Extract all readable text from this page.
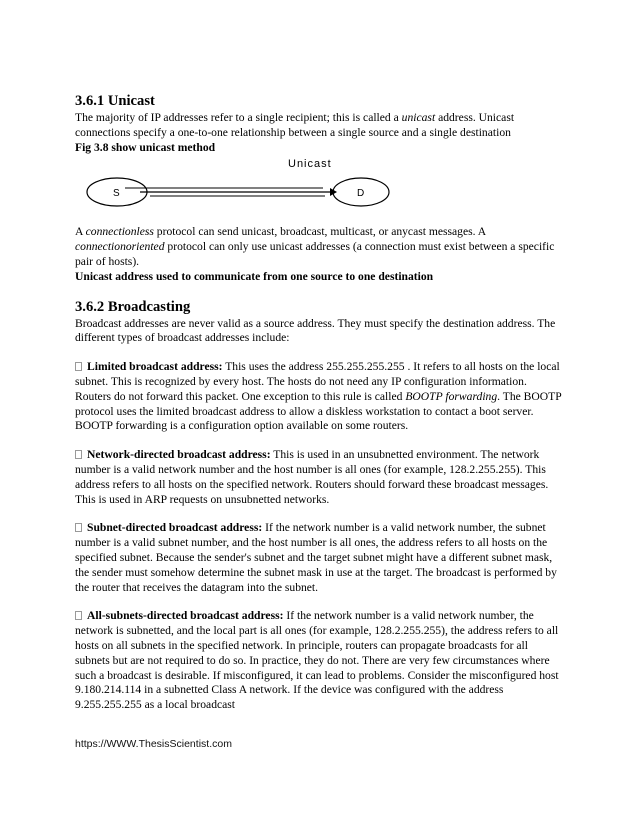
3.6.1 Unicast

The majority of IP addresses refer to a single recipient; this is called a unicast address. Unicast connections specify a one-to-one relationship between a single source and a single destination

Fig 3.8 show unicast method

Unicast
S	D

A connectionless protocol can send unicast, broadcast, multicast, or anycast messages. A connectionoriented protocol can only use unicast addresses (a connection must exist between a specific pair of hosts).

Unicast address used to communicate from one source to one destination

3.6.2 Broadcasting

Broadcast addresses are never valid as a source address. They must specify the destination address. The different types of broadcast addresses include:

Limited broadcast address: This uses the address 255.255.255.255 . It refers to all hosts on the local subnet. This is recognized by every host. The hosts do not need any IP configuration information. Routers do not forward this packet. One exception to this rule is called BOOTP forwarding. The BOOTP protocol uses the limited broadcast address to allow a diskless workstation to contact a boot server. BOOTP forwarding is a configuration option available on some routers.

Network-directed broadcast address: This is used in an unsubnetted environment. The network number is a valid network number and the host number is all ones (for example, 128.2.255.255). This address refers to all hosts on the specified network. Routers should forward these broadcast messages. This is used in ARP requests on unsubnetted networks.

Subnet-directed broadcast address: If the network number is a valid network number, the subnet number is a valid subnet number, and the host number is all ones, the address refers to all hosts on the specified subnet. Because the sender's subnet and the target subnet might have a different subnet mask, the sender must somehow determine the subnet mask in use at the target. The broadcast is performed by the router that receives the datagram into the subnet.

All-subnets-directed broadcast address: If the network number is a valid network number, the network is subnetted, and the local part is all ones (for example, 128.2.255.255), the address refers to all hosts on all subnets in the specified network. In principle, routers can propagate broadcasts for all subnets but are not required to do so. In practice, they do not. There are very few circumstances where such a broadcast is desirable. If misconfigured, it can lead to problems. Consider the misconfigured host 9.180.214.114 in a subnetted Class A network. If the device was configured with the address 9.255.255.255 as a local broadcast

https://WWW.ThesisScientist.com
